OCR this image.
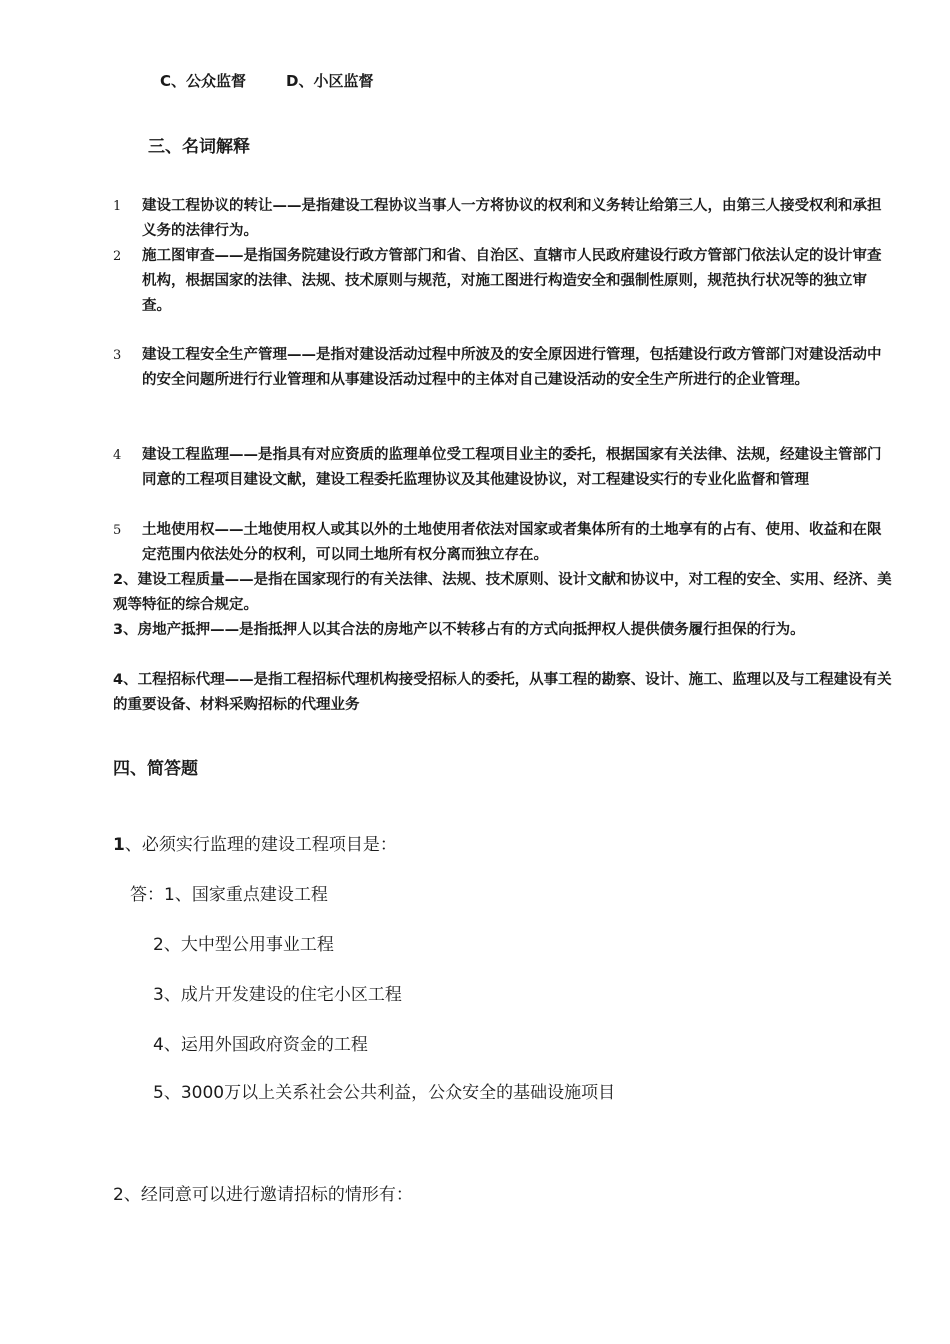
C、公众监督	D、小区监督
三、名词解释
1 建设工程协议的转让——是指建设工程协议当事人一方将协议的权利和义务转让给第三人，由第三人接受权利和承担义务的法律行为。
2 施工图审查——是指国务院建设行政方管部门和省、自治区、直辖市人民政府建设行政方管部门依法认定的设计审查机构，根据国家的法律、法规、技术原则与规范，对施工图进行构造安全和强制性原则，规范执行状况等的独立审查。
3 建设工程安全生产管理——是指对建设活动过程中所波及的安全原因进行管理，包括建设行政方管部门对建设活动中的安全问题所进行行业管理和从事建设活动过程中的主体对自己建设活动的安全生产所进行的企业管理。
4 建设工程监理——是指具有对应资质的监理单位受工程项目业主的委托，根据国家有关法律、法规，经建设主管部门同意的工程项目建设文献，建设工程委托监理协议及其他建设协议，对工程建设实行的专业化监督和管理
5 土地使用权——土地使用权人或其以外的土地使用者依法对国家或者集体所有的土地享有的占有、使用、收益和在限定范围内依法处分的权利，可以同土地所有权分离而独立存在。
2、建设工程质量——是指在国家现行的有关法律、法规、技术原则、设计文献和协议中，对工程的安全、实用、经济、美观等特征的综合规定。
3、房地产抵押——是指抵押人以其合法的房地产以不转移占有的方式向抵押权人提供债务履行担保的行为。
4、工程招标代理——是指工程招标代理机构接受招标人的委托，从事工程的勘察、设计、施工、监理以及与工程建设有关的重要设备、材料采购招标的代理业务
四、简答题
1、必须实行监理的建设工程项目是：
答：1、国家重点建设工程
2、大中型公用事业工程
3、成片开发建设的住宅小区工程
4、运用外国政府资金的工程
5、3000万以上关系社会公共利益，公众安全的基础设施项目
2、经同意可以进行邀请招标的情形有：
